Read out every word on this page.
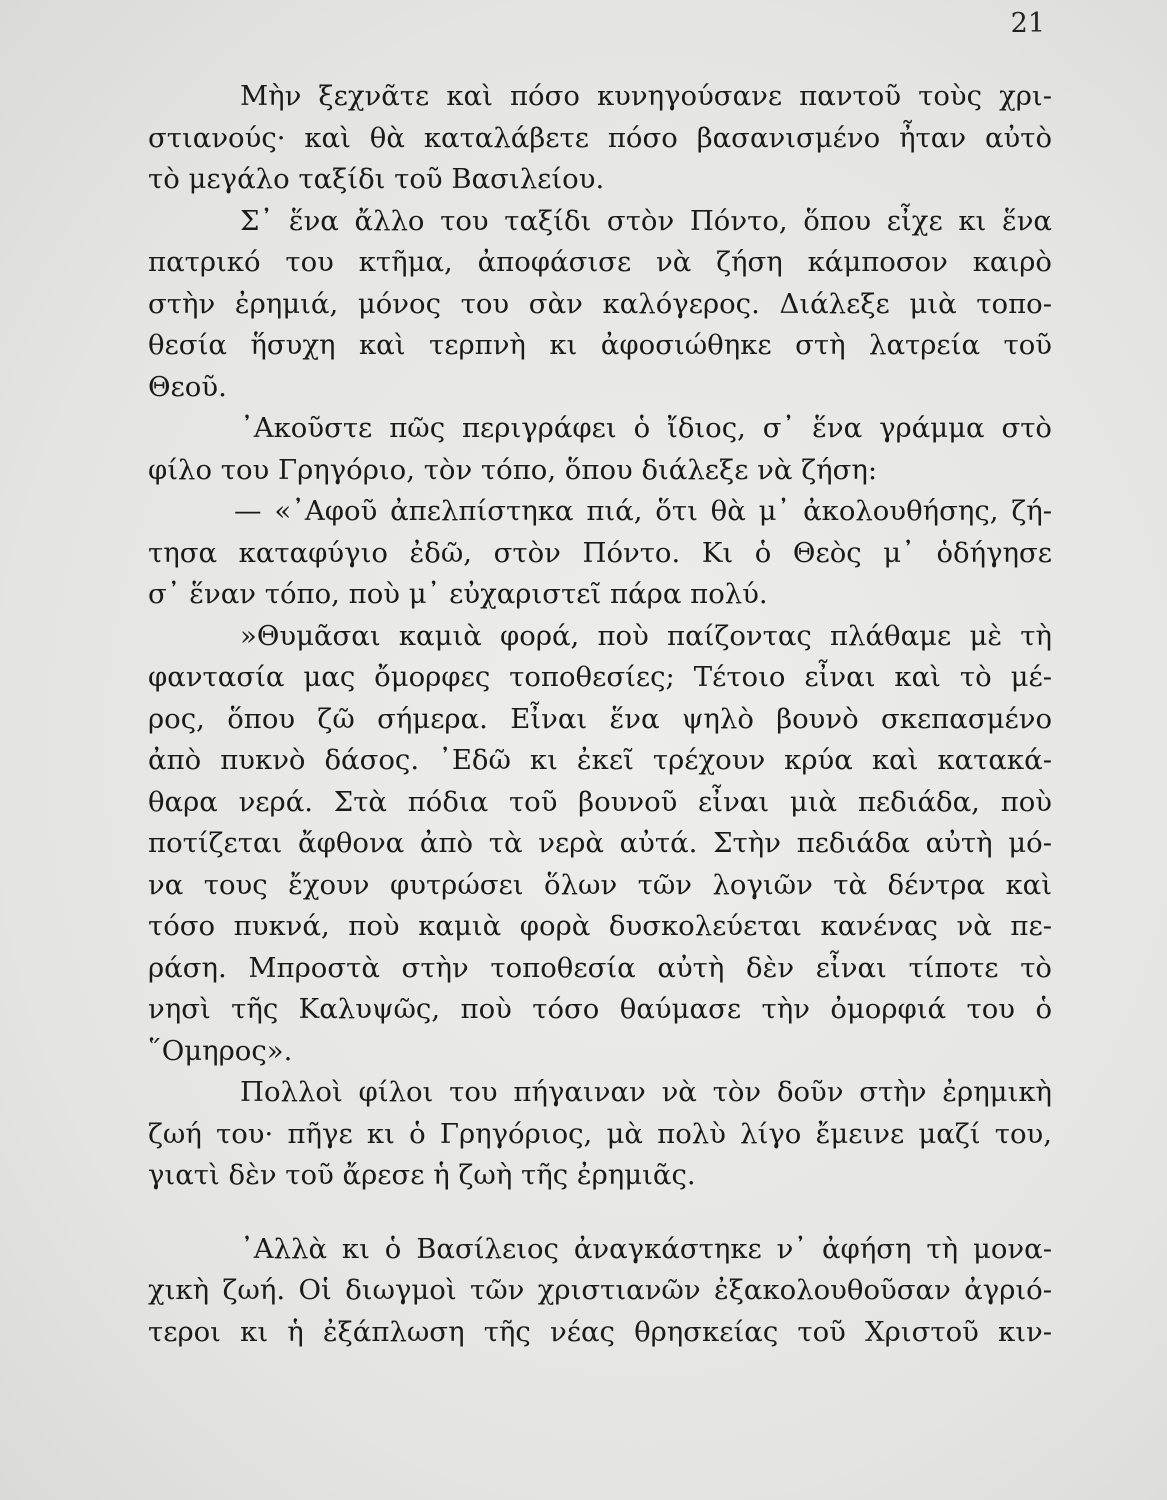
21
Μὴν ξεχνᾶτε καὶ πόσο κυνηγούσανε παντοῦ τοὺς χρι-
στιανούς· καὶ θὰ καταλάβετε πόσο βασανισμένο ἦταν αὐτὸ
τὸ μεγάλο ταξίδι τοῦ Βασιλείου.
Σ᾿ ἕνα ἄλλο του ταξίδι στὸν Πόντο, ὅπου εἶχε κι ἕνα
πατρικό του κτῆμα, ἀποφάσισε νὰ ζήση κάμποσον καιρὸ
στὴν ἐρημιά, μόνος του σὰν καλόγερος. Διάλεξε μιὰ τοπο-
θεσία ἥσυχη καὶ τερπνὴ κι ἀφοσιώθηκε στὴ λατρεία τοῦ
Θεοῦ.
᾿Ακοῦστε πῶς περιγράφει ὁ ἴδιος, σ᾿ ἕνα γράμμα στὸ
φίλο του Γρηγόριο, τὸν τόπο, ὅπου διάλεξε νὰ ζήση:
— «᾿Αφοῦ ἀπελπίστηκα πιά, ὅτι θὰ μ᾿ ἀκολουθήσης, ζή-
τησα καταφύγιο ἐδῶ, στὸν Πόντο. Κι ὁ Θεὸς μ᾿ ὁδήγησε
σ᾿ ἕναν τόπο, ποὺ μ᾿ εὐχαριστεῖ πάρα πολύ.
»Θυμᾶσαι καμιὰ φορά, ποὺ παίζοντας πλάθαμε μὲ τὴ
φαντασία μας ὄμορφες τοποθεσίες; Τέτοιο εἶναι καὶ τὸ μέ-
ρος, ὅπου ζῶ σήμερα. Εἶναι ἕνα ψηλὸ βουνὸ σκεπασμένο
ἀπὸ πυκνὸ δάσος. ᾿Εδῶ κι ἐκεῖ τρέχουν κρύα καὶ κατακά-
θαρα νερά. Στὰ πόδια τοῦ βουνοῦ εἶναι μιὰ πεδιάδα, ποὺ
ποτίζεται ἄφθονα ἀπὸ τὰ νερὰ αὐτά. Στὴν πεδιάδα αὐτὴ μό-
να τους ἔχουν φυτρώσει ὅλων τῶν λογιῶν τὰ δέντρα καὶ
τόσο πυκνά, ποὺ καμιὰ φορὰ δυσκολεύεται κανένας νὰ πε-
ράση. Μπροστὰ στὴν τοποθεσία αὐτὴ δὲν εἶναι τίποτε τὸ
νησὶ τῆς Καλυψῶς, ποὺ τόσο θαύμασε τὴν ὀμορφιά του ὁ
῞Ομηρος».
Πολλοὶ φίλοι του πήγαιναν νὰ τὸν δοῦν στὴν ἐρημικὴ
ζωή του· πῆγε κι ὁ Γρηγόριος, μὰ πολὺ λίγο ἔμεινε μαζί του,
γιατὶ δὲν τοῦ ἄρεσε ἡ ζωὴ τῆς ἐρημιᾶς.
᾿Αλλὰ κι ὁ Βασίλειος ἀναγκάστηκε ν᾿ ἀφήση τὴ μονα-
χικὴ ζωή. Οἱ διωγμοὶ τῶν χριστιανῶν ἐξακολουθοῦσαν ἀγριό-
τεροι κι ἡ ἐξάπλωση τῆς νέας θρησκείας τοῦ Χριστοῦ κιν-
